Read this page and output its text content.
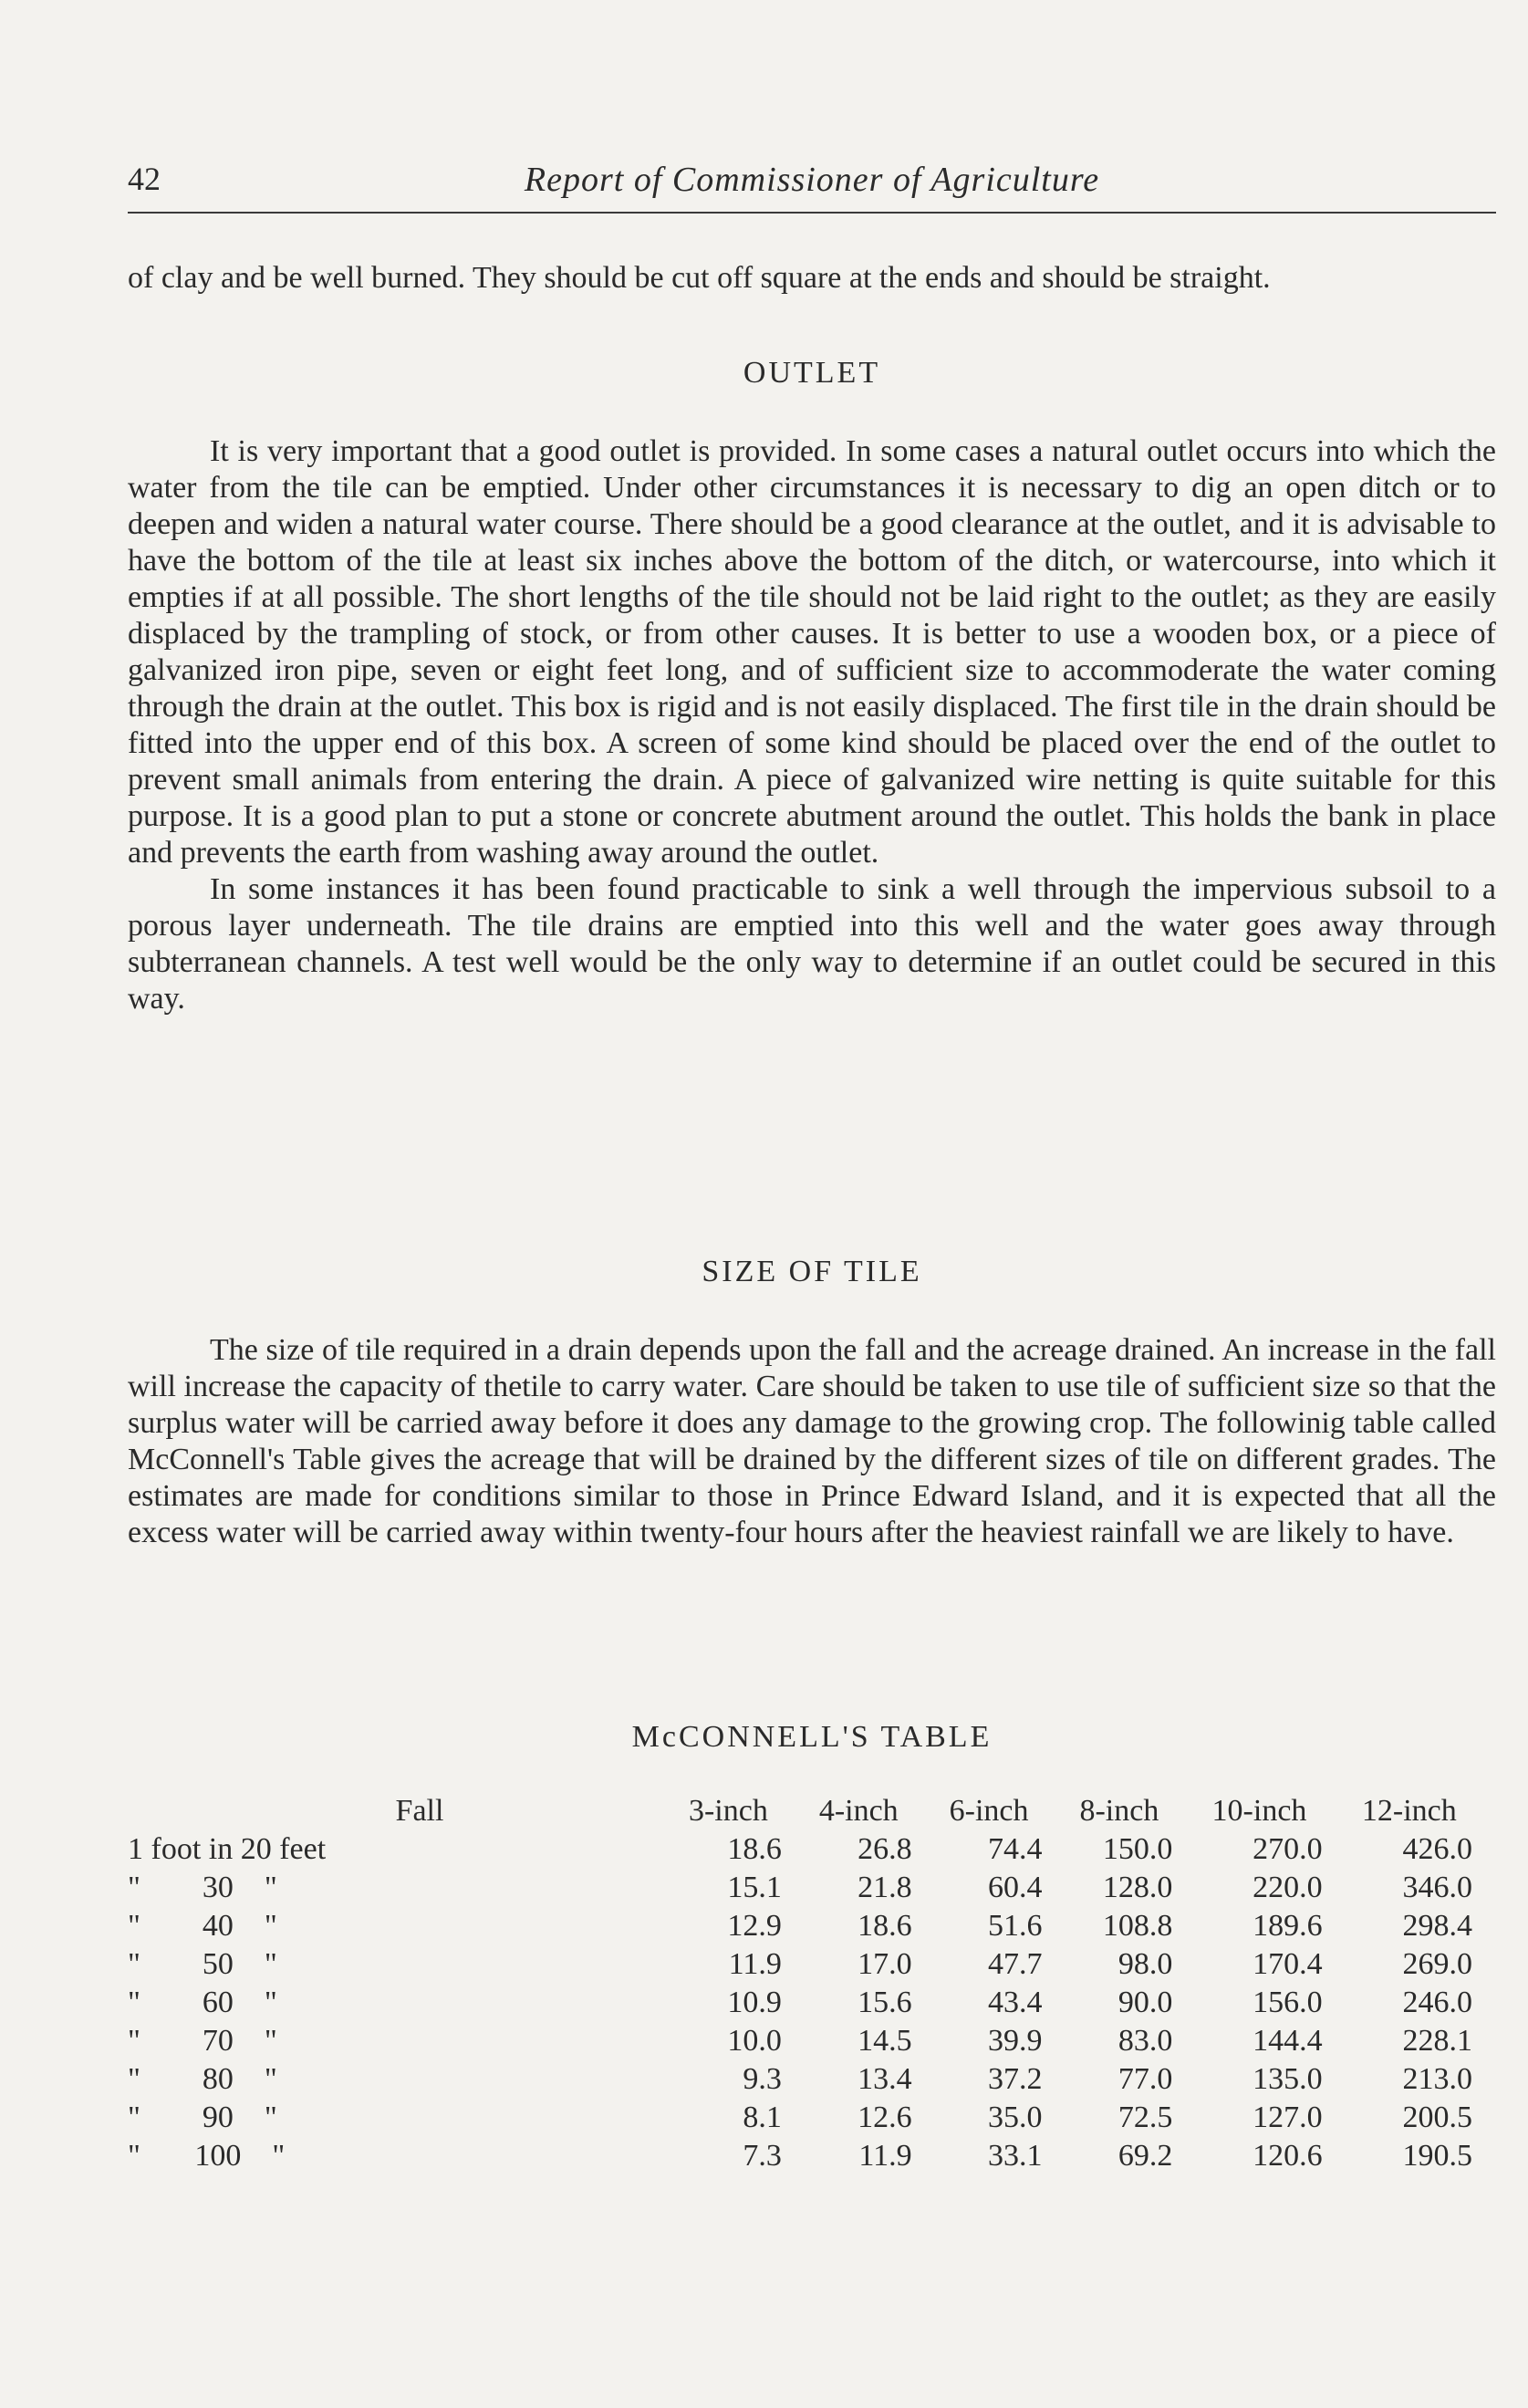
42	Report of Commissioner of Agriculture

of clay and be well burned. They should be cut off square at the ends and should be straight.

OUTLET

It is very important that a good outlet is provided. In some cases a natural outlet occurs into which the water from the tile can be emptied. Under other circumstances it is necessary to dig an open ditch or to deepen and widen a natural water course. There should be a good clearance at the outlet, and it is advisable to have the bottom of the tile at least six inches above the bottom of the ditch, or watercourse, into which it empties if at all possible. The short lengths of the tile should not be laid right to the outlet; as they are easily displaced by the trampling of stock, or from other causes. It is better to use a wooden box, or a piece of galvanized iron pipe, seven or eight feet long, and of sufficient size to accommoderate the water coming through the drain at the outlet. This box is rigid and is not easily displaced. The first tile in the drain should be fitted into the upper end of this box. A screen of some kind should be placed over the end of the outlet to prevent small animals from entering the drain. A piece of galvanized wire netting is quite suitable for this purpose. It is a good plan to put a stone or concrete abutment around the outlet. This holds the bank in place and prevents the earth from washing away around the outlet.

In some instances it has been found practicable to sink a well through the impervious subsoil to a porous layer underneath. The tile drains are emptied into this well and the water goes away through subterranean channels. A test well would be the only way to determine if an outlet could be secured in this way.

SIZE OF TILE

The size of tile required in a drain depends upon the fall and the acreage drained. An increase in the fall will increase the capacity of thetile to carry water. Care should be taken to use tile of sufficient size so that the surplus water will be carried away before it does any damage to the growing crop. The followinig table called McConnell's Table gives the acreage that will be drained by the different sizes of tile on different grades. The estimates are made for conditions similar to those in Prince Edward Island, and it is expected that all the excess water will be carried away within twenty-four hours after the heaviest rainfall we are likely to have.

McCONNELL'S TABLE
Fall	3-inch	4-inch	6-inch	8-inch	10-inch	12-inch
1 foot in 20 feet	18.6	26.8	74.4	150.0	270.0	426.0
"        30    "	15.1	21.8	60.4	128.0	220.0	346.0
"        40    "	12.9	18.6	51.6	108.8	189.6	298.4
"        50    "	11.9	17.0	47.7	98.0	170.4	269.0
"        60    "	10.9	15.6	43.4	90.0	156.0	246.0
"        70    "	10.0	14.5	39.9	83.0	144.4	228.1
"        80    "	9.3	13.4	37.2	77.0	135.0	213.0
"        90    "	8.1	12.6	35.0	72.5	127.0	200.5
"       100    "	7.3	11.9	33.1	69.2	120.6	190.5
